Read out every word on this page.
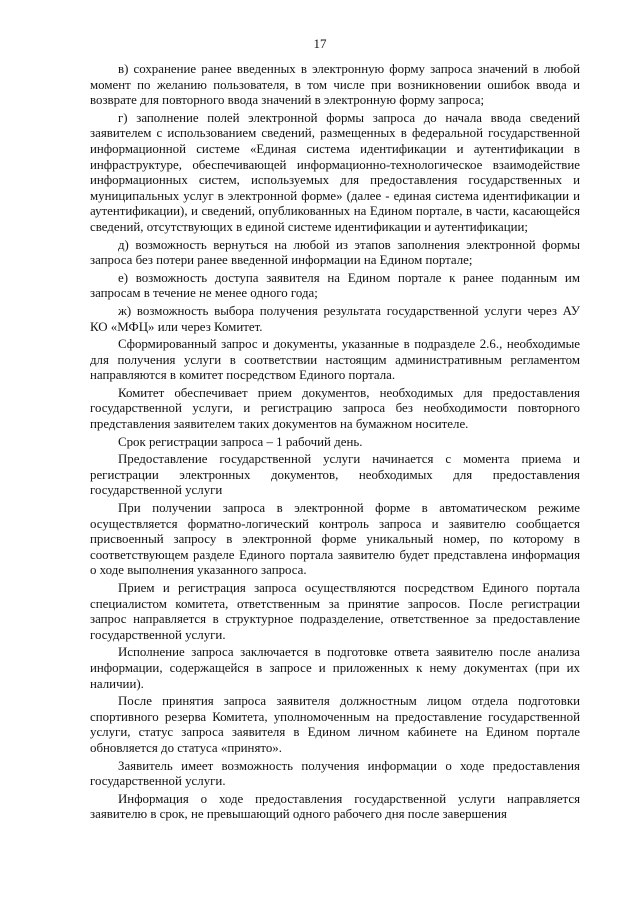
17

в) сохранение ранее введенных в электронную форму запроса значений в любой момент по желанию пользователя, в том числе при возникновении ошибок ввода и возврате для повторного ввода значений в электронную форму запроса;

г) заполнение полей электронной формы запроса до начала ввода сведений заявителем с использованием сведений, размещенных в федеральной государственной информационной системе «Единая система идентификации и аутентификации в инфраструктуре, обеспечивающей информационно-технологическое взаимодействие информационных систем, используемых для предоставления государственных и муниципальных услуг в электронной форме» (далее - единая система идентификации и аутентификации), и сведений, опубликованных на Едином портале, в части, касающейся сведений, отсутствующих в единой системе идентификации и аутентификации;

д) возможность вернуться на любой из этапов заполнения электронной формы запроса без потери ранее введенной информации на Едином портале;

е) возможность доступа заявителя на Едином портале к ранее поданным им запросам в течение не менее одного года;

ж) возможность выбора получения результата государственной услуги через АУ КО «МФЦ» или через Комитет.

Сформированный запрос и документы, указанные в подразделе 2.6., необходимые для получения услуги в соответствии настоящим административным регламентом направляются в комитет посредством Единого портала.

Комитет обеспечивает прием документов, необходимых для предоставления государственной услуги, и регистрацию запроса без необходимости повторного представления заявителем таких документов на бумажном носителе.

Срок регистрации запроса – 1 рабочий день.

Предоставление государственной услуги начинается с момента приема и регистрации электронных документов, необходимых для предоставления государственной услуги

При получении запроса в электронной форме в автоматическом режиме осуществляется форматно-логический контроль запроса и заявителю сообщается присвоенный запросу в электронной форме уникальный номер, по которому в соответствующем разделе Единого портала заявителю будет представлена информация о ходе выполнения указанного запроса.

Прием и регистрация запроса осуществляются посредством Единого портала специалистом комитета, ответственным за принятие запросов. После регистрации запрос направляется в структурное подразделение, ответственное за предоставление государственной услуги.

Исполнение запроса заключается в подготовке ответа заявителю после анализа информации, содержащейся в запросе и приложенных к нему документах (при их наличии).

После принятия запроса заявителя должностным лицом отдела подготовки спортивного резерва Комитета, уполномоченным на предоставление государственной услуги, статус запроса заявителя в Едином личном кабинете на Едином портале обновляется до статуса «принято».

Заявитель имеет возможность получения информации о ходе предоставления государственной услуги.

Информация о ходе предоставления государственной услуги направляется заявителю в срок, не превышающий одного рабочего дня после завершения
